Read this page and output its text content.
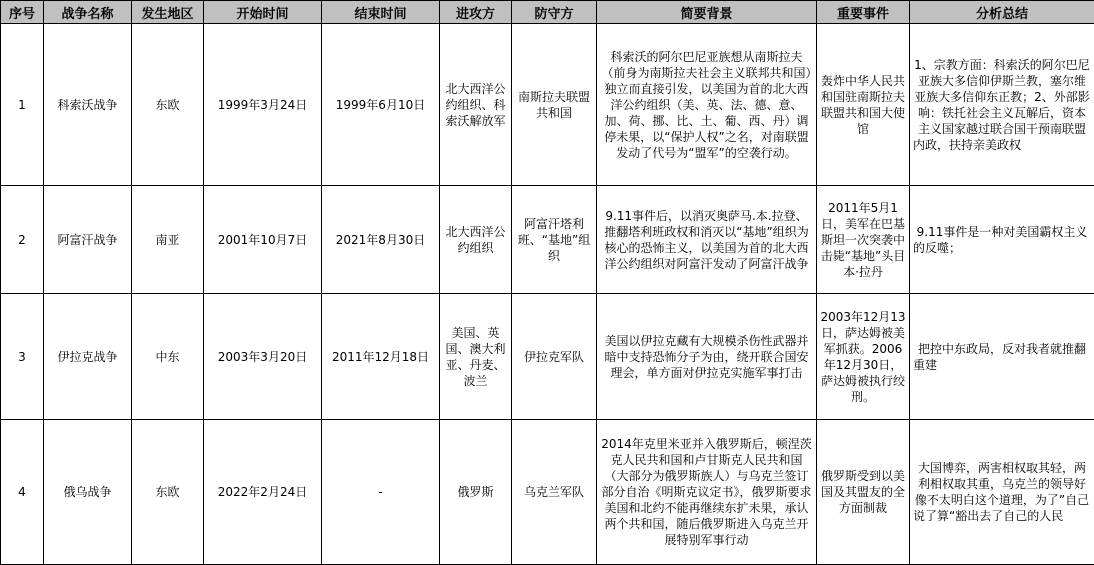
序号	战争名称	发生地区	开始时间	结束时间	进攻方	防守方	简要背景	重要事件	分析总结
1	科索沃战争	东欧	1999年3月24日	1999年6月10日	北大西洋公约组织、科索沃解放军	南斯拉夫联盟共和国	科索沃的阿尔巴尼亚族想从南斯拉夫（前身为南斯拉夫社会主义联邦共和国）独立而直接引发，以美国为首的北大西洋公约组织（美、英、法、德、意、加、荷、挪、比、土、葡、西、丹）调停未果，以“保护人权”之名，对南联盟发动了代号为“盟军”的空袭行动。	轰炸中华人民共和国驻南斯拉夫联盟共和国大使馆	1、宗教方面：科索沃的阿尔巴尼亚族大多信仰伊斯兰教，塞尔维亚族大多信仰东正教；2、外部影响：铁托社会主义瓦解后，资本主义国家越过联合国干预南联盟内政，扶持亲美政权
2	阿富汗战争	南亚	2001年10月7日	2021年8月30日	北大西洋公约组织	阿富汗塔利班、“基地”组织	9.11事件后，以消灭奥萨马.本.拉登、推翻塔利班政权和消灭以“基地”组织为核心的恐怖主义，以美国为首的北大西洋公约组织对阿富汗发动了阿富汗战争	2011年5月1日，美军在巴基斯坦一次突袭中击毙“基地”头目本·拉丹	9.11事件是一种对美国霸权主义的反噬；
3	伊拉克战争	中东	2003年3月20日	2011年12月18日	美国、英国、澳大利亚、丹麦、波兰	伊拉克军队	美国以伊拉克藏有大规模杀伤性武器并暗中支持恐怖分子为由，绕开联合国安理会，单方面对伊拉克实施军事打击	2003年12月13日，萨达姆被美军抓获。2006年12月30日，萨达姆被执行绞刑。	把控中东政局，反对我者就推翻重建
4	俄乌战争	东欧	2022年2月24日	-	俄罗斯	乌克兰军队	2014年克里米亚并入俄罗斯后，顿涅茨克人民共和国和卢甘斯克人民共和国（大部分为俄罗斯族人）与乌克兰签订部分自治《明斯克议定书》，俄罗斯要求美国和北约不能再继续东扩未果，承认两个共和国，随后俄罗斯进入乌克兰开展特别军事行动	俄罗斯受到以美国及其盟友的全方面制裁	大国博弈，两害相权取其轻，两利相权取其重，乌克兰的领导好像不太明白这个道理，为了”自己说了算“豁出去了自己的人民
